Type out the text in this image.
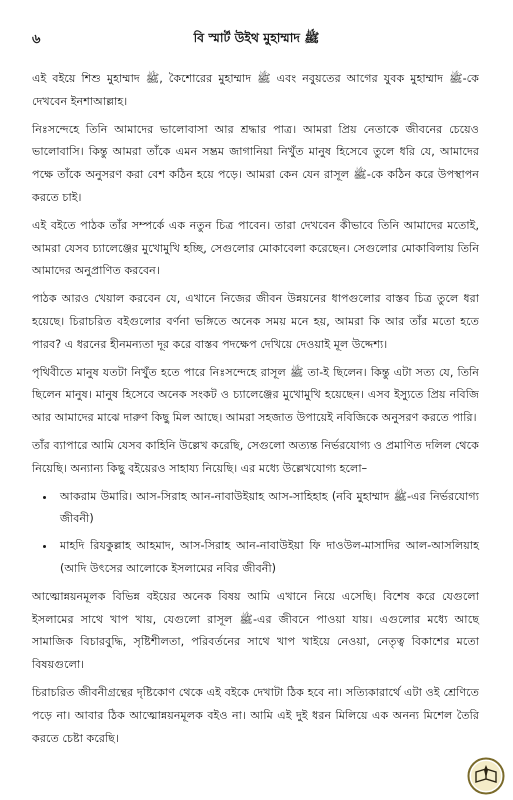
৬	বি স্মার্ট উইথ মুহাম্মাদ ﷺ

এই বইয়ে শিশু মুহাম্মাদ ﷺ, কৈশোরের মুহাম্মাদ ﷺ এবং নবুয়তের আগের যুবক মুহাম্মাদ ﷺ-কে দেখবেন ইনশাআল্লাহ।

নিঃসন্দেহে তিনি আমাদের ভালোবাসা আর শ্রদ্ধার পাত্র। আমরা প্রিয় নেতাকে জীবনের চেয়েও ভালোবাসি। কিন্তু আমরা তাঁকে এমন সম্ভ্রম জাগানিয়া নিখুঁত মানুষ হিসেবে তুলে ধরি যে, আমাদের পক্ষে তাঁকে অনুসরণ করা বেশ কঠিন হয়ে পড়ে। আমরা কেন যেন রাসূল ﷺ-কে কঠিন করে উপস্থাপন করতে চাই।

এই বইতে পাঠক তাঁর সম্পর্কে এক নতুন চিত্র পাবেন। তারা দেখবেন কীভাবে তিনি আমাদের মতোই, আমরা যেসব চ্যালেঞ্জের মুখোমুখি হচ্ছি, সেগুলোর মোকাবেলা করেছেন। সেগুলোর মোকাবিলায় তিনি আমাদের অনুপ্রাণিত করবেন।

পাঠক আরও খেয়াল করবেন যে, এখানে নিজের জীবন উন্নয়নের ধাপগুলোর বাস্তব চিত্র তুলে ধরা হয়েছে। চিরাচরিত বইগুলোর বর্ণনা ভঙ্গিতে অনেক সময় মনে হয়, আমরা কি আর তাঁর মতো হতে পারব? এ ধরনের হীনমন্যতা দূর করে বাস্তব পদক্ষেপ দেখিয়ে দেওয়াই মূল উদ্দেশ্য।

পৃথিবীতে মানুষ যতটা নিখুঁত হতে পারে নিঃসন্দেহে রাসূল ﷺ তা-ই ছিলেন। কিন্তু এটা সত্য যে, তিনি ছিলেন মানুষ। মানুষ হিসেবে অনেক সংকট ও চ্যালেঞ্জের মুখোমুখি হয়েছেন। এসব ইস্যুতে প্রিয় নবিজি আর আমাদের মাঝে দারুণ কিছু মিল আছে। আমরা সহজাত উপায়েই নবিজিকে অনুসরণ করতে পারি।

তাঁর ব্যাপারে আমি যেসব কাহিনি উল্লেখ করেছি, সেগুলো অত্যন্ত নির্ভরযোগ্য ও প্রমাণিত দলিল থেকে নিয়েছি। অন্যান্য কিছু বইয়েরও সাহায্য নিয়েছি। এর মধ্যে উল্লেখযোগ্য হলো–

• আকরাম উমারি। আস-সিরাহ আন-নাবাউইয়াহ আস-সাহিহাহ (নবি মুহাম্মাদ ﷺ-এর নির্ভরযোগ্য জীবনী)
• মাহদি রিযকুল্লাহ আহমাদ, আস-সিরাহ আন-নাবাউইয়া ফি দাওউল-মাসাদির আল-আসলিয়াহ (আদি উৎসের আলোকে ইসলামের নবির জীবনী)

আত্মোন্নয়নমূলক বিভিন্ন বইয়ের অনেক বিষয় আমি এখানে নিয়ে এসেছি। বিশেষ করে যেগুলো ইসলামের সাথে খাপ খায়, যেগুলো রাসূল ﷺ-এর জীবনে পাওয়া যায়। এগুলোর মধ্যে আছে সামাজিক বিচারবুদ্ধি, সৃষ্টিশীলতা, পরিবর্তনের সাথে খাপ খাইয়ে নেওয়া, নেতৃত্ব বিকাশের মতো বিষয়গুলো।

চিরাচরিত জীবনীগ্রন্থের দৃষ্টিকোণ থেকে এই বইকে দেখাটা ঠিক হবে না। সত্যিকারার্থে এটা ওই শ্রেণিতে পড়ে না। আবার ঠিক আত্মোন্নয়নমূলক বইও না। আমি এই দুই ধরন মিলিয়ে এক অনন্য মিশেল তৈরি করতে চেষ্টা করেছি।
